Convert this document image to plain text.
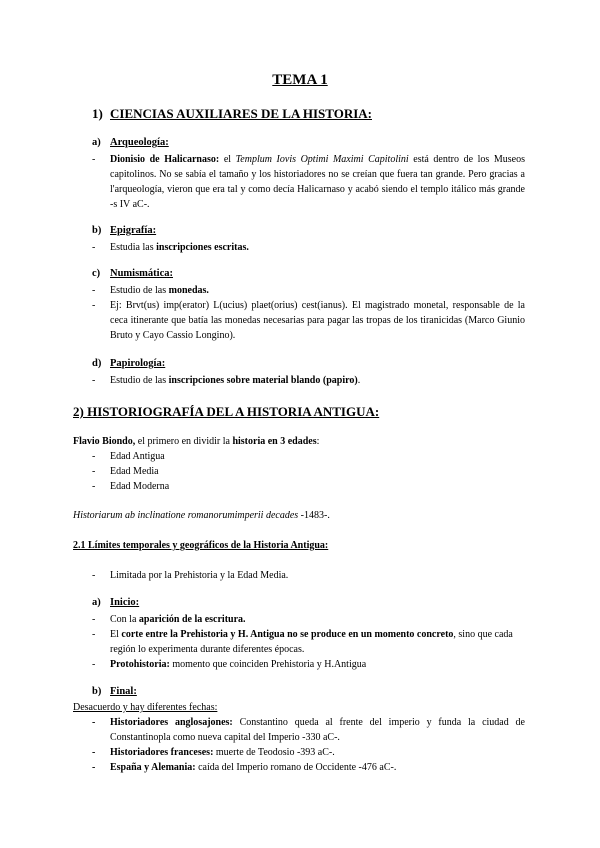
TEMA 1
1) CIENCIAS AUXILIARES DE LA HISTORIA:
a) Arqueología:
- Dionisio de Halicarnaso: el Templum Iovis Optimi Maximi Capitolini está dentro de los Museos capitolinos. No se sabía el tamaño y los historiadores no se creían que fuera tan grande. Pero gracias a l'arqueología, vieron que era tal y como decía Halicarnaso y acabó siendo el templo itálico más grande -s IV aC-.

b) Epigrafía:
- Estudia las inscripciones escritas.

c) Numismática:
- Estudio de las monedas.

- Ej: Brvt(us) imp(erator) L(ucius) plaet(orius) cest(ianus). El magistrado monetal, responsable de la ceca itinerante que batía las monedas necesarias para pagar las tropas de los tiranicidas (Marco Giunio Bruto y Cayo Cassio Longino).

d) Papirología:
- Estudio de las inscripciones sobre material blando (papiro).

2) HISTORIOGRAFÍA DEL A HISTORIA ANTIGUA:

Flavio Biondo, el primero en dividir la historia en 3 edades:

- Edad Antigua
- Edad Media
- Edad Moderna

Historiarum ab inclinatione romanorumimperii decades -1483-.

2.1 Límites temporales y geográficos de la Historia Antigua:
- Limitada por la Prehistoria y la Edad Media.
a) Inicio:
- Con la aparición de la escritura.

- El corte entre la Prehistoria y H. Antigua no se produce en un momento concreto, sino que cada región lo experimenta durante diferentes épocas.

- Protohistoria: momento que coinciden Prehistoria y H.Antigua

b) Final:
Desacuerdo y hay diferentes fechas:
- Historiadores anglosajones: Constantino queda al frente del imperio y funda la ciudad de Constantinopla como nueva capital del Imperio -330 aC-.

- Historiadores franceses: muerte de Teodosio -393 aC-.

- España y Alemania: caída del Imperio romano de Occidente -476 aC-.
